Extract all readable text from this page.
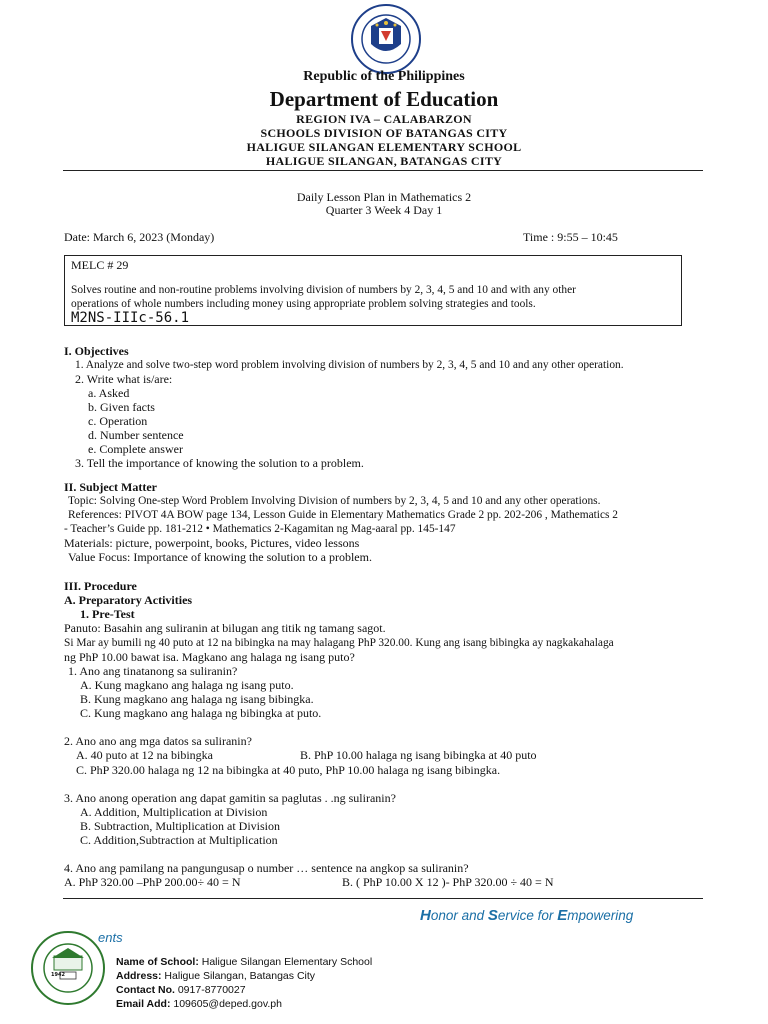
Republic of the Philippines
Department of Education
REGION IVA – CALABARZON
SCHOOLS DIVISION OF BATANGAS CITY
HALIGUE SILANGAN ELEMENTARY SCHOOL
HALIGUE SILANGAN, BATANGAS CITY
Daily Lesson Plan in Mathematics 2
Quarter 3 Week 4 Day 1
Date: March 6, 2023 (Monday)	Time : 9:55 – 10:45
MELC # 29
Solves routine and non-routine problems involving division of numbers by 2, 3, 4, 5 and 10 and with any other
operations of whole numbers including money using appropriate problem solving strategies and tools.
M2NS-IIIc-56.1
I. Objectives
1. Analyze and solve two-step word problem involving division of numbers by 2, 3, 4, 5 and 10 and any other operation.
2. Write what is/are:
a. Asked
b. Given facts
c. Operation
d. Number sentence
e. Complete answer
3. Tell the importance of knowing the solution to a problem.
II. Subject Matter
Topic: Solving One-step Word Problem Involving Division of numbers by 2, 3, 4, 5 and 10 and any other operations.
References: PIVOT 4A BOW page 134, Lesson Guide in Elementary Mathematics Grade 2 pp. 202-206 , Mathematics 2
- Teacher’s Guide pp. 181-212 • Mathematics 2-Kagamitan ng Mag-aaral pp. 145-147
Materials: picture, powerpoint, books, Pictures, video lessons
Value Focus: Importance of knowing the solution to a problem.
III. Procedure
A. Preparatory Activities
1. Pre-Test
Panuto: Basahin ang suliranin at bilugan ang titik ng tamang sagot.
Si Mar ay bumili ng 40 puto at 12 na bibingka na may halagang PhP 320.00. Kung ang isang bibingka ay nagkakahalaga
ng PhP 10.00 bawat isa. Magkano ang halaga ng isang puto?
1. Ano ang tinatanong sa suliranin?
A. Kung magkano ang halaga ng isang puto.
B. Kung magkano ang halaga ng isang bibingka.
C. Kung magkano ang halaga ng bibingka at puto.
2. Ano ano ang mga datos sa suliranin?
A. 40 puto at 12 na bibingka	B. PhP 10.00 halaga ng isang bibingka at 40 puto
C. PhP 320.00 halaga ng 12 na bibingka at 40 puto, PhP 10.00 halaga ng isang bibingka.
3. Ano anong operation ang dapat gamitin sa paglutas . .ng suliranin?
A. Addition, Multiplication at Division
B. Subtraction, Multiplication at Division
C. Addition,Subtraction at Multiplication
4. Ano ang pamilang na pangungusap o number … sentence na angkop sa suliranin?
A. PhP 320.00 –PhP 200.00÷ 40 = N	B. ( PhP 10.00 X 12 )- PhP 320.00 ÷ 40 = N
Honor and Service for Empowering
ents
1942
Name of School: Haligue Silangan Elementary School
Address: Haligue Silangan, Batangas City
Contact No. 0917-8770027
Email Add: 109605@deped.gov.ph
